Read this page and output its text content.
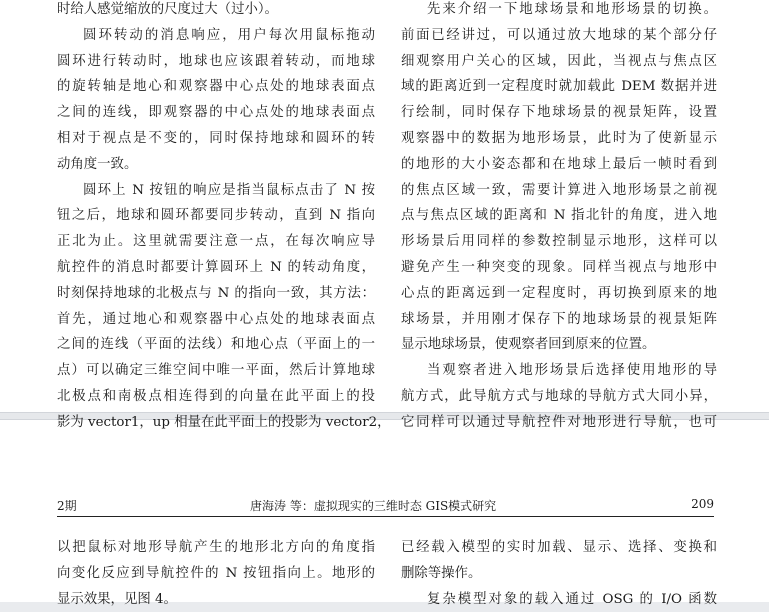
时给人感觉缩放的尺度过大（过小）。
圆环转动的消息响应，用户每次用鼠标拖动
圆环进行转动时，地球也应该跟着转动，而地球
的旋转轴是地心和观察器中心点处的地球表面点
之间的连线，即观察器的中心点处的地球表面点
相对于视点是不变的，同时保持地球和圆环的转
动角度一致。
圆环上 N 按钮的响应是指当鼠标点击了 N 按
钮之后，地球和圆环都要同步转动，直到 N 指向
正北为止。这里就需要注意一点，在每次响应导
航控件的消息时都要计算圆环上 N 的转动角度，
时刻保持地球的北极点与 N 的指向一致，其方法：
首先，通过地心和观察器中心点处的地球表面点
之间的连线（平面的法线）和地心点（平面上的一
点）可以确定三维空间中唯一平面，然后计算地球
北极点和南极点相连得到的向量在此平面上的投
影为 vector1，up 相量在此平面上的投影为 vector2，
先来介绍一下地球场景和地形场景的切换。
前面已经讲过，可以通过放大地球的某个部分仔
细观察用户关心的区域，因此，当视点与焦点区
域的距离近到一定程度时就加载此 DEM 数据并进
行绘制，同时保存下地球场景的视景矩阵，设置
观察器中的数据为地形场景，此时为了使新显示
的地形的大小姿态都和在地球上最后一帧时看到
的焦点区域一致，需要计算进入地形场景之前视
点与焦点区域的距离和 N 指北针的角度，进入地
形场景后用同样的参数控制显示地形，这样可以
避免产生一种突变的现象。同样当视点与地形中
心点的距离远到一定程度时，再切换到原来的地
球场景，并用刚才保存下的地球场景的视景矩阵
显示地球场景，使观察者回到原来的位置。
当观察者进入地形场景后选择使用地形的导
航方式，此导航方式与地球的导航方式大同小异，
它同样可以通过导航控件对地形进行导航，也可
2期	唐海涛 等：虚拟现实的三维时态 GIS模式研究	209
以把鼠标对地形导航产生的地形北方向的角度指
向变化反应到导航控件的 N 按钮指向上。地形的
显示效果，见图 4。
已经载入模型的实时加载、显示、选择、变换和
删除等操作。
复杂模型对象的载入通过 OSG 的 I/O 函数
